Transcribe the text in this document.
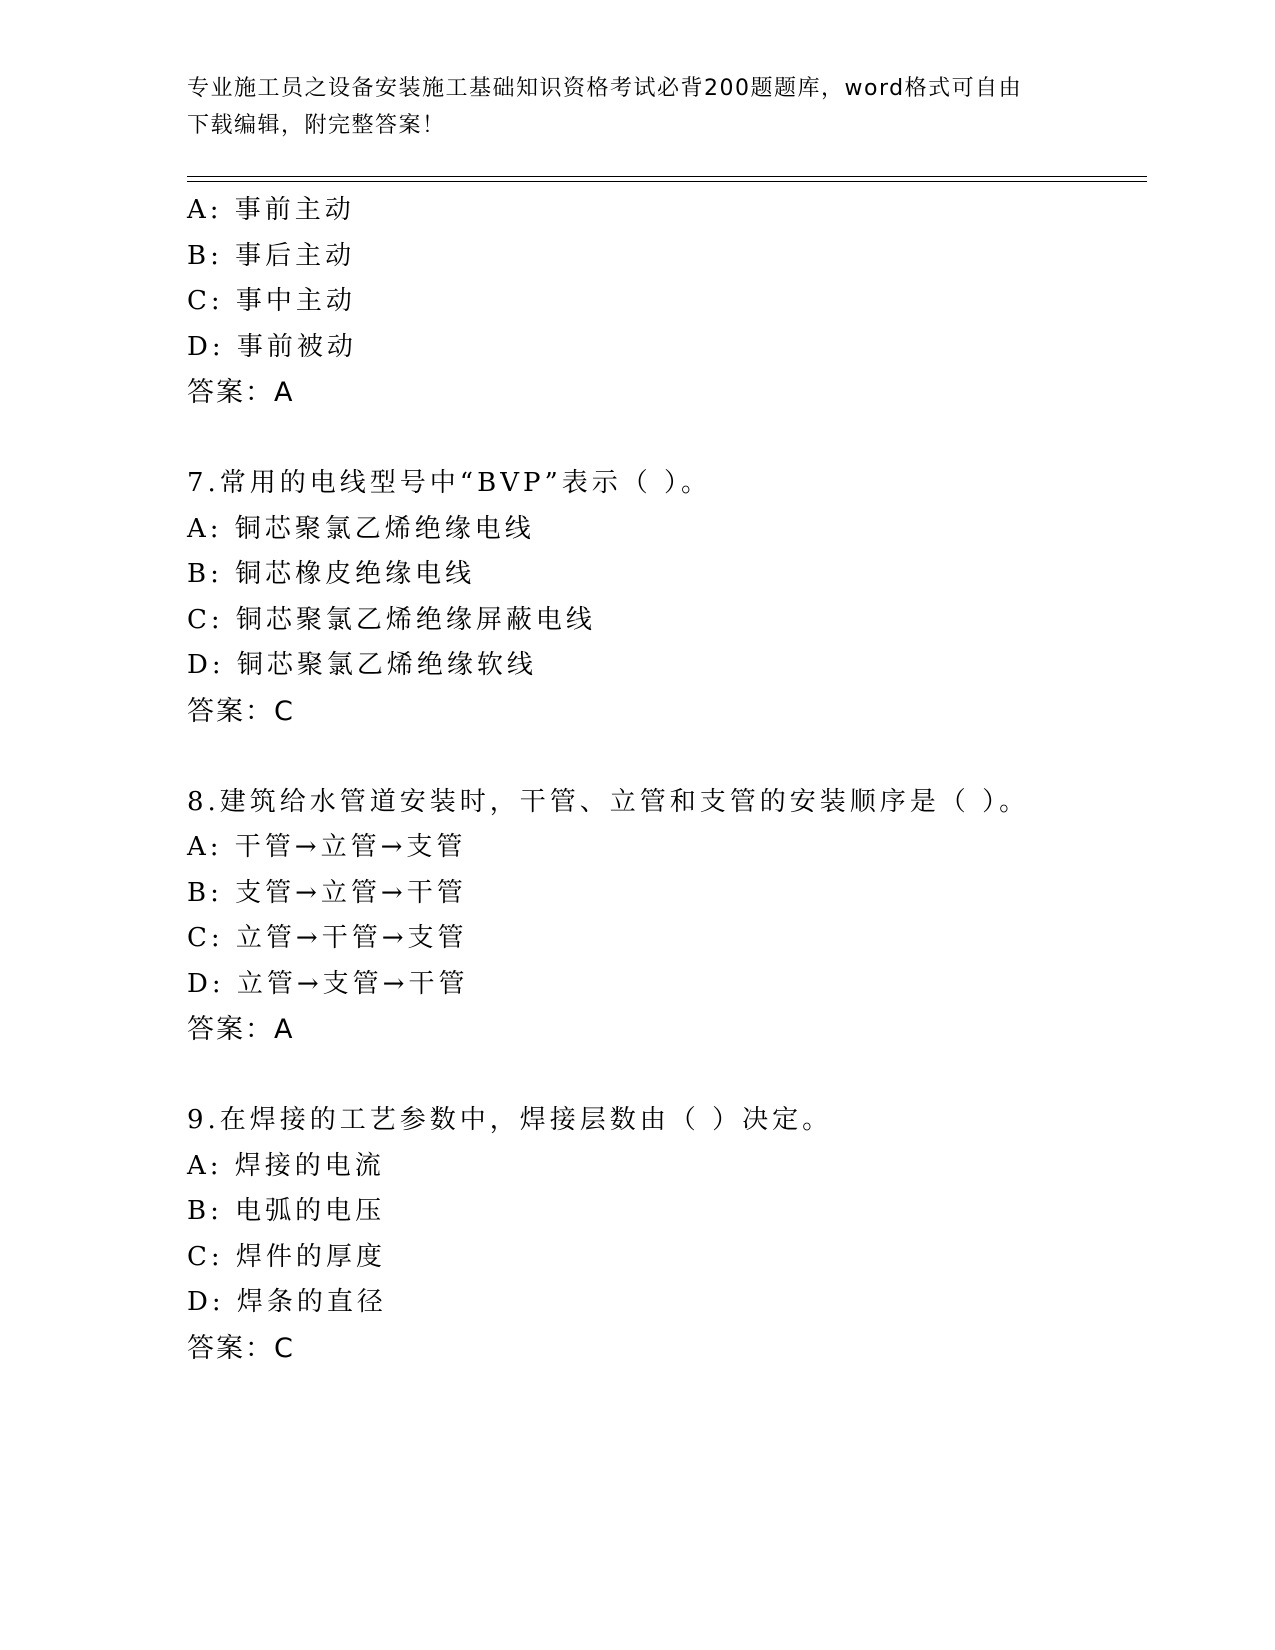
专业施工员之设备安装施工基础知识资格考试必背200题题库，word格式可自由
下载编辑，附完整答案！
A: 事前主动
B: 事后主动
C: 事中主动
D: 事前被动
答案：A
7.常用的电线型号中“BVP”表示（ ）。
A: 铜芯聚氯乙烯绝缘电线
B: 铜芯橡皮绝缘电线
C: 铜芯聚氯乙烯绝缘屏蔽电线
D: 铜芯聚氯乙烯绝缘软线
答案：C
8.建筑给水管道安装时，干管、立管和支管的安装顺序是（ ）。
A: 干管→立管→支管
B: 支管→立管→干管
C: 立管→干管→支管
D: 立管→支管→干管
答案：A
9.在焊接的工艺参数中，焊接层数由（ ）决定。
A: 焊接的电流
B: 电弧的电压
C: 焊件的厚度
D: 焊条的直径
答案：C
